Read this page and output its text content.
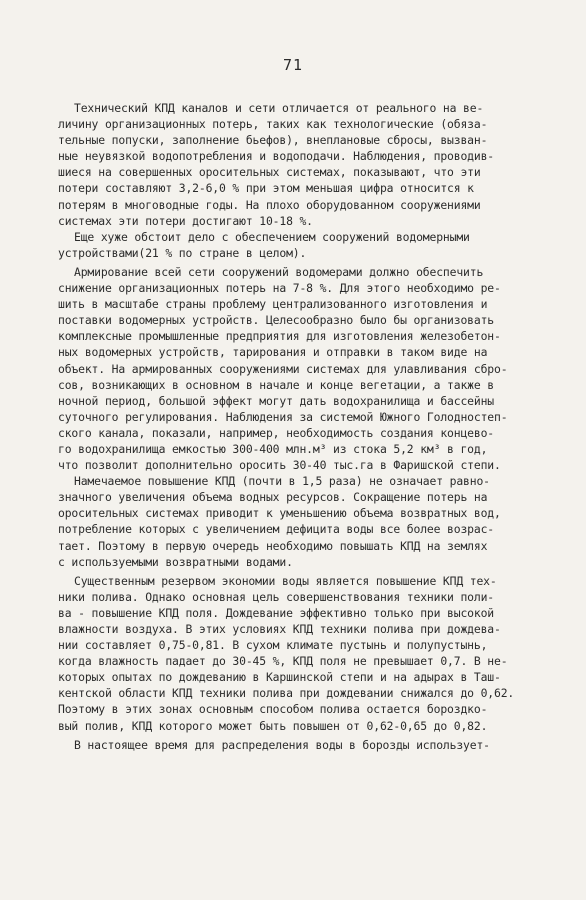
71
Технический КПД каналов и сети отличается от реального на ве-
личину организационных потерь, таких как технологические (обяза-
тельные попуски, заполнение бьефов), внеплановые сбросы, вызван-
ные неувязкой водопотребления и водоподачи. Наблюдения, проводив-
шиеся на совершенных оросительных системах, показывают, что эти
потери составляют 3,2-6,0 % при этом меньшая цифра относится к
потерям в многоводные годы. На плохо оборудованном сооружениями
системах эти потери достигают 10-18 %.
Еще хуже обстоит дело с обеспечением сооружений водомерными
устройствами(21 % по стране в целом).
Армирование всей сети сооружений водомерами должно обеспечить
снижение организационных потерь на 7-8 %. Для этого необходимо ре-
шить в масштабе страны проблему централизованного изготовления и
поставки водомерных устройств. Целесообразно было бы организовать
комплексные промышленные предприятия для изготовления железобетон-
ных водомерных устройств, тарирования и отправки в таком виде на
объект. На армированных сооружениями системах для улавливания сбро-
сов, возникающих в основном в начале и конце вегетации, а также в
ночной период, большой эффект могут дать водохранилища и бассейны
суточного регулирования. Наблюдения за системой Южного Голодностеп-
ского канала, показали, например, необходимость создания концево-
го водохранилища емкостью 300-400 млн.м³ из стока 5,2 км³ в год,
что позволит дополнительно оросить 30-40 тыс.га в Фаришской степи.
Намечаемое повышение КПД (почти в 1,5 раза) не означает равно-
значного увеличения объема водных ресурсов. Сокращение потерь на
оросительных системах приводит к уменьшению объема возвратных вод,
потребление которых с увеличением дефицита воды все более возрас-
тает. Поэтому в первую очередь необходимо повышать КПД на землях
с используемыми возвратными водами.
Существенным резервом экономии воды является повышение КПД тех-
ники полива. Однако основная цель совершенствования техники поли-
ва - повышение КПД поля. Дождевание эффективно только при высокой
влажности воздуха. В этих условиях КПД техники полива при дождева-
нии составляет 0,75-0,81. В сухом климате пустынь и полупустынь,
когда влажность падает до 30-45 %, КПД поля не превышает 0,7. В не-
которых опытах по дождеванию в Каршинской степи и на адырах в Таш-
кентской области КПД техники полива при дождевании снижался до 0,62.
Поэтому в этих зонах основным способом полива остается бороздко-
вый полив, КПД которого может быть повышен от 0,62-0,65 до 0,82.
В настоящее время для распределения воды в борозды использует-
